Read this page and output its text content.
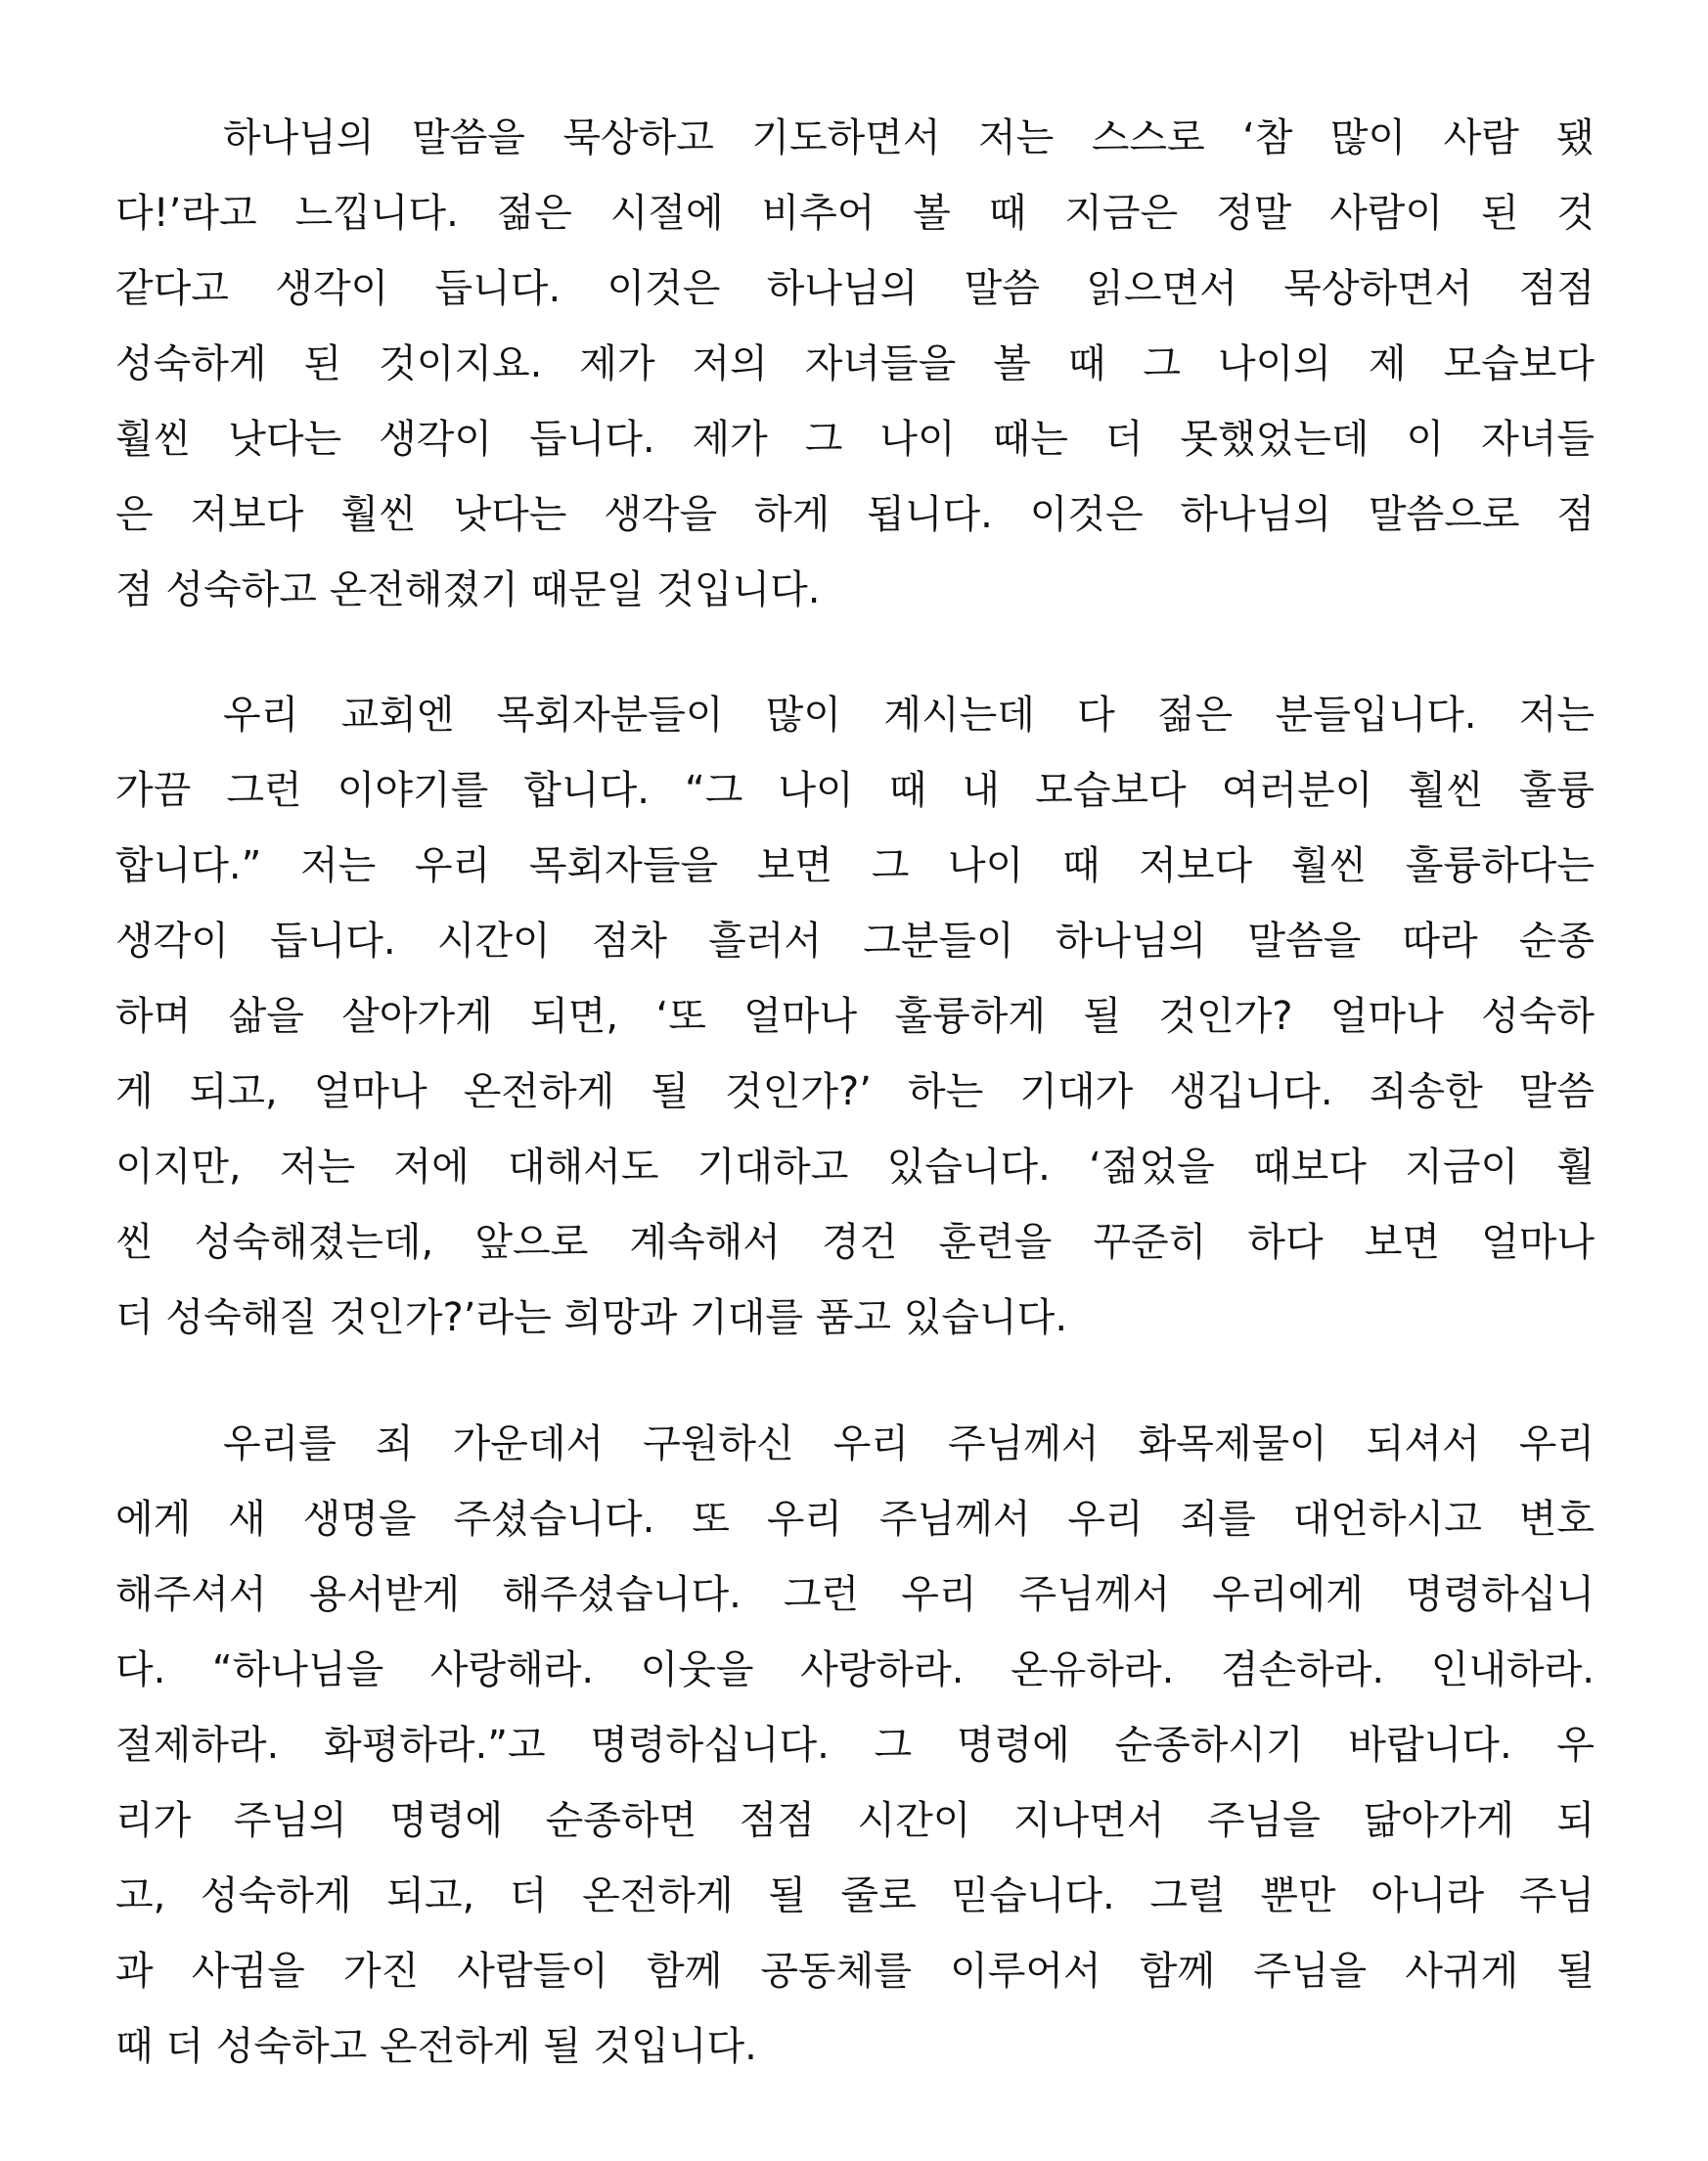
하나님의 말씀을 묵상하고 기도하면서 저는 스스로 ‘참 많이 사람 됐
다!’라고 느낍니다. 젊은 시절에 비추어 볼 때 지금은 정말 사람이 된 것
같다고 생각이 듭니다. 이것은 하나님의 말씀 읽으면서 묵상하면서 점점
성숙하게 된 것이지요. 제가 저의 자녀들을 볼 때 그 나이의 제 모습보다
훨씬 낫다는 생각이 듭니다. 제가 그 나이 때는 더 못했었는데 이 자녀들
은 저보다 훨씬 낫다는 생각을 하게 됩니다. 이것은 하나님의 말씀으로 점
점 성숙하고 온전해졌기 때문일 것입니다.
우리 교회엔 목회자분들이 많이 계시는데 다 젊은 분들입니다. 저는
가끔 그런 이야기를 합니다. “그 나이 때 내 모습보다 여러분이 훨씬 훌륭
합니다.” 저는 우리 목회자들을 보면 그 나이 때 저보다 훨씬 훌륭하다는
생각이 듭니다. 시간이 점차 흘러서 그분들이 하나님의 말씀을 따라 순종
하며 삶을 살아가게 되면, ‘또 얼마나 훌륭하게 될 것인가? 얼마나 성숙하
게 되고, 얼마나 온전하게 될 것인가?’ 하는 기대가 생깁니다. 죄송한 말씀
이지만, 저는 저에 대해서도 기대하고 있습니다. ‘젊었을 때보다 지금이 훨
씬 성숙해졌는데, 앞으로 계속해서 경건 훈련을 꾸준히 하다 보면 얼마나
더 성숙해질 것인가?’라는 희망과 기대를 품고 있습니다.
우리를 죄 가운데서 구원하신 우리 주님께서 화목제물이 되셔서 우리
에게 새 생명을 주셨습니다. 또 우리 주님께서 우리 죄를 대언하시고 변호
해주셔서 용서받게 해주셨습니다. 그런 우리 주님께서 우리에게 명령하십니
다. “하나님을 사랑해라. 이웃을 사랑하라. 온유하라. 겸손하라. 인내하라.
절제하라. 화평하라.”고 명령하십니다. 그 명령에 순종하시기 바랍니다. 우
리가 주님의 명령에 순종하면 점점 시간이 지나면서 주님을 닮아가게 되
고, 성숙하게 되고, 더 온전하게 될 줄로 믿습니다. 그럴 뿐만 아니라 주님
과 사귐을 가진 사람들이 함께 공동체를 이루어서 함께 주님을 사귀게 될
때 더 성숙하고 온전하게 될 것입니다.
